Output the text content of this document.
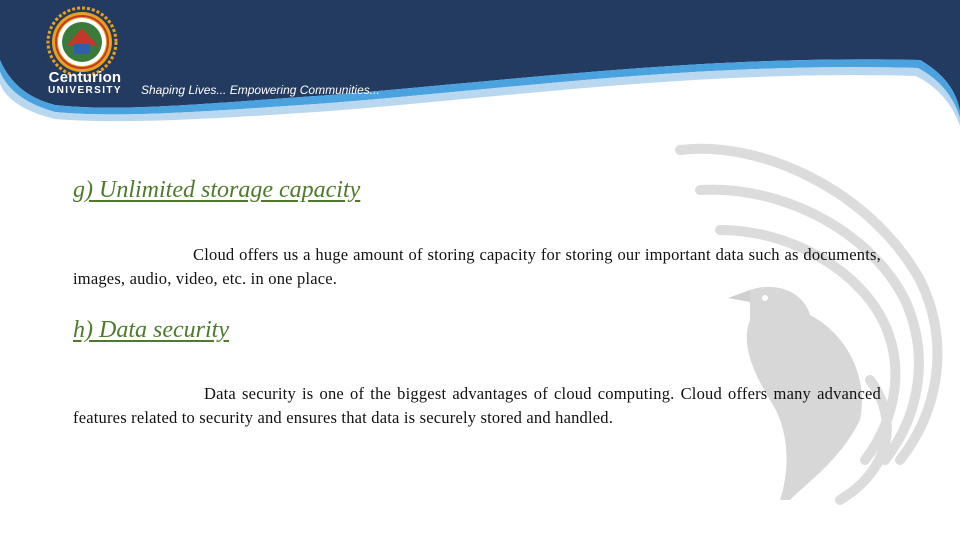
Centurion
UNIVERSITY	Shaping Lives... Empowering Communities...
g) Unlimited storage capacity

Cloud offers us a huge amount of storing capacity for storing our important data such as documents, images, audio, video, etc. in one place.

h) Data security

Data security is one of the biggest advantages of cloud computing. Cloud offers many advanced features related to security and ensures that data is securely stored and handled.
